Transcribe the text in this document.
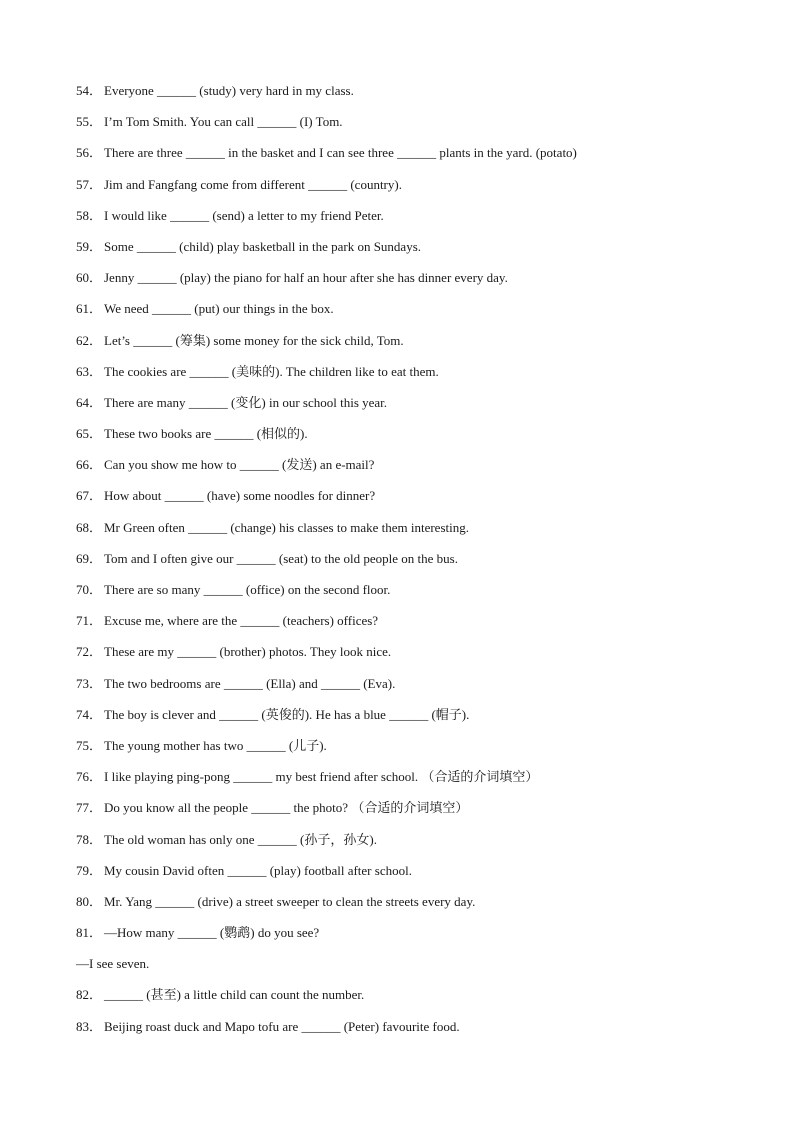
54． Everyone ______ (study) very hard in my class.
55． I’m Tom Smith. You can call ______ (I) Tom.
56． There are three ______ in the basket and I can see three ______ plants in the yard. (potato)
57． Jim and Fangfang come from different ______ (country).
58． I would like ______ (send) a letter to my friend Peter.
59． Some ______ (child) play basketball in the park on Sundays.
60． Jenny ______ (play) the piano for half an hour after she has dinner every day.
61． We need ______ (put) our things in the box.
62． Let’s ______ (筹集) some money for the sick child, Tom.
63． The cookies are ______ (美味的). The children like to eat them.
64． There are many ______ (变化) in our school this year.
65． These two books are ______ (相似的).
66． Can you show me how to ______ (发送) an e-mail?
67． How about ______ (have) some noodles for dinner?
68． Mr Green often ______ (change) his classes to make them interesting.
69． Tom and I often give our ______ (seat) to the old people on the bus.
70． There are so many ______ (office) on the second floor.
71． Excuse me, where are the ______ (teachers) offices?
72． These are my ______ (brother) photos. They look nice.
73． The two bedrooms are ______ (Ella) and ______ (Eva).
74． The boy is clever and ______ (英俊的). He has a blue ______ (帽子).
75． The young mother has two ______ (儿子).
76． I like playing ping-pong ______ my best friend after school. （合适的介词填空）
77． Do you know all the people ______ the photo? （合适的介词填空）
78． The old woman has only one ______ (孙子，孙女).
79． My cousin David often ______ (play) football after school.
80． Mr. Yang ______ (drive) a street sweeper to clean the streets every day.
81． —How many ______ (鹦鹉) do you see?
—I see seven.
82． ______ (甚至) a little child can count the number.
83． Beijing roast duck and Mapo tofu are ______ (Peter) favourite food.
